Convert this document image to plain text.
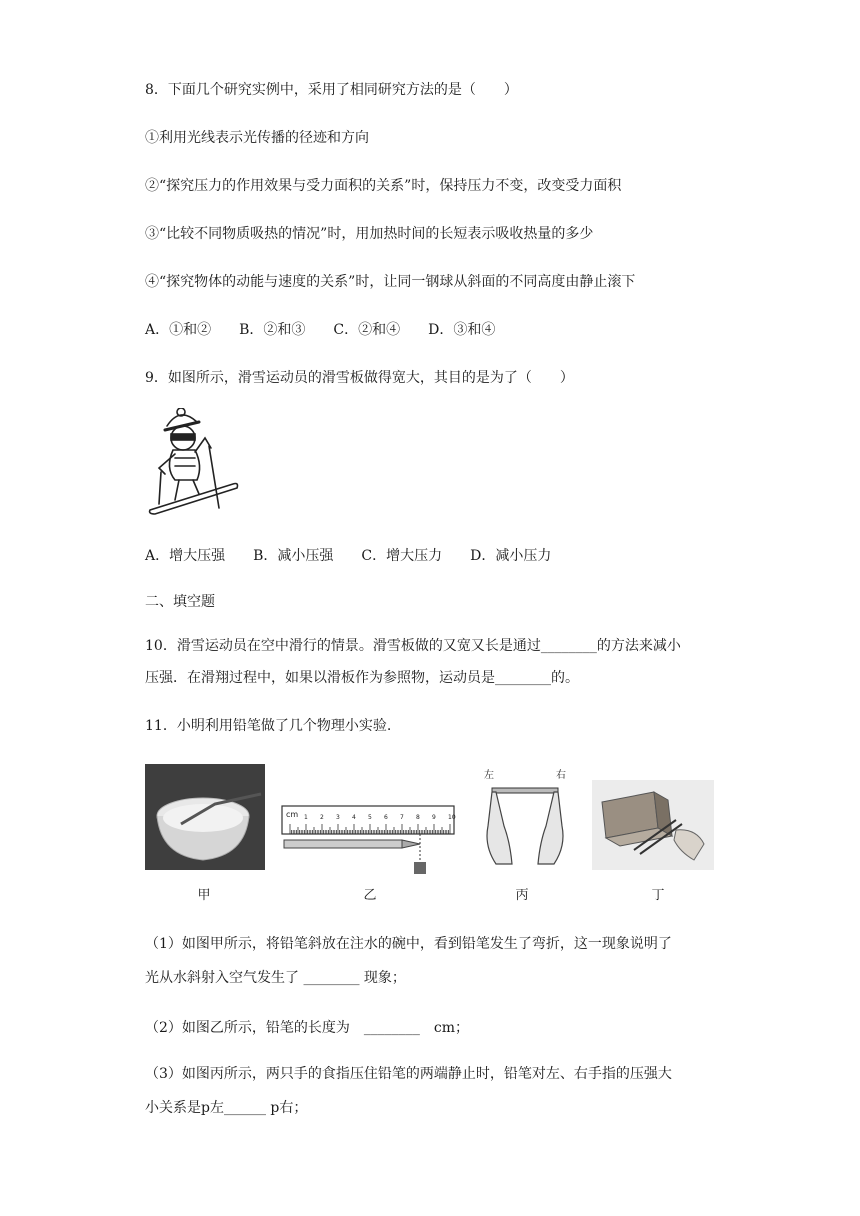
8．下面几个研究实例中，采用了相同研究方法的是（　　）
①利用光线表示光传播的径迹和方向
②“探究压力的作用效果与受力面积的关系”时，保持压力不变，改变受力面积
③“比较不同物质吸热的情况”时，用加热时间的长短表示吸收热量的多少
④“探究物体的动能与速度的关系”时，让同一钢球从斜面的不同高度由静止滚下
A．①和② B．②和③ C．②和④ D．③和④
9．如图所示，滑雪运动员的滑雪板做得宽大，其目的是为了（　　）
A．增大压强 B．减小压强 C．增大压力 D．减小压力
二、填空题
10．滑雪运动员在空中滑行的情景。滑雪板做的又宽又长是通过________的方法来减小
压强．在滑翔过程中，如果以滑板作为参照物，运动员是________的。
11．小明利用铅笔做了几个物理小实验.
cm 1 2 3 4 5 6 7 8 9 10
左	右
甲	乙	丙	丁
（1）如图甲所示，将铅笔斜放在注水的碗中，看到铅笔发生了弯折，这一现象说明了
光从水斜射入空气发生了 ________ 现象；
（2）如图乙所示，铅笔的长度为　________　cm；
（3）如图丙所示，两只手的食指压住铅笔的两端静止时，铅笔对左、右手指的压强大
小关系是p左______ p右；
